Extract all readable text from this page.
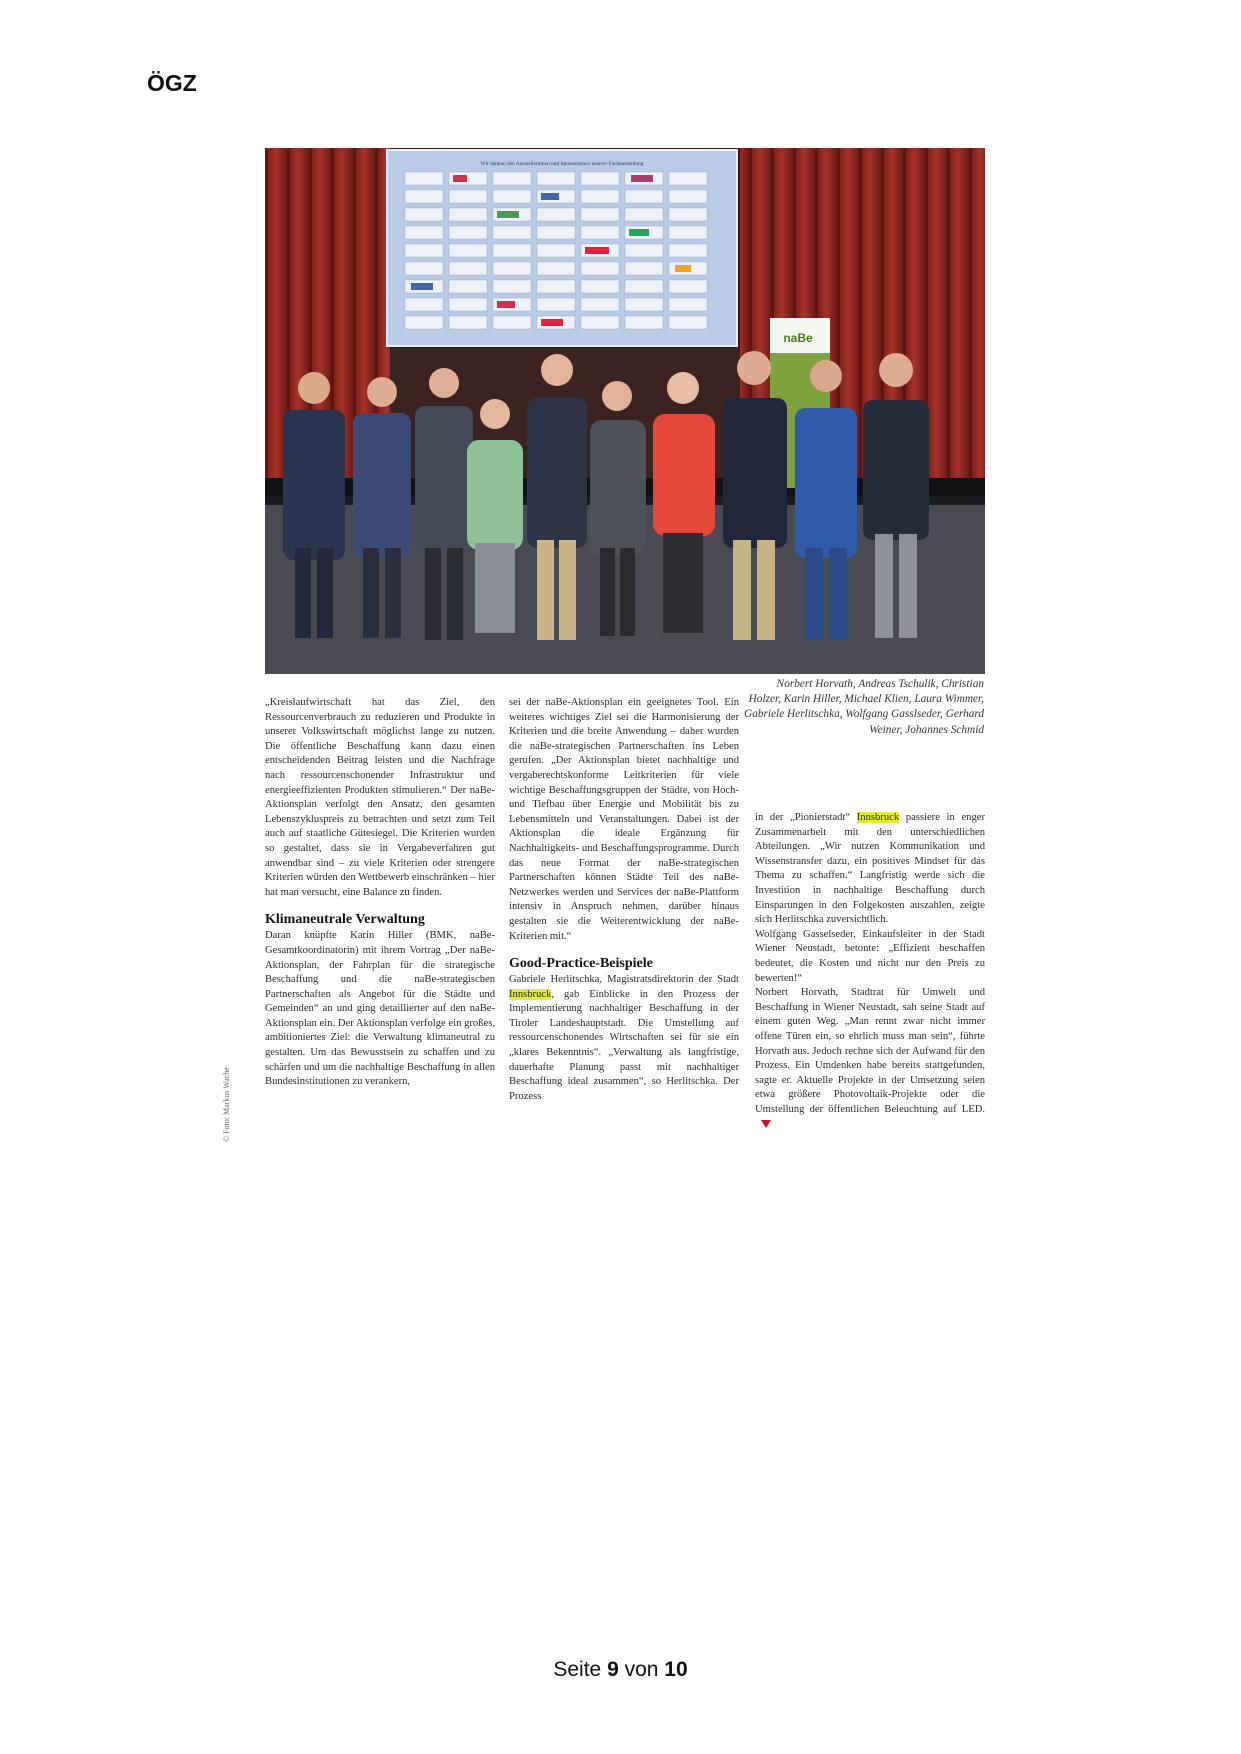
ÖGZ
Wir danken den Ausstellerinnen und Sponsorinnen unserer Fachausstellung
naBe
© Foto: Markus Wache
Norbert Horvath, Andreas Tschulik, Christian Holzer, Karin Hiller, Michael Klien, Laura Wimmer, Gabriele Herlitschka, Wolfgang Gasslseder, Gerhard Weiner, Johannes Schmid

„Kreislaufwirtschaft hat das Ziel, den Ressourcenverbrauch zu reduzieren und Produkte in unserer Volkswirtschaft möglichst lange zu nutzen. Die öffentliche Beschaffung kann dazu einen entscheidenden Beitrag leisten und die Nachfrage nach ressourcenschonender Infrastruktur und energieeffizienten Produkten stimulieren.“ Der naBe-Aktionsplan verfolgt den Ansatz, den gesamten Lebenszykluspreis zu betrachten und setzt zum Teil auch auf staatliche Gütesiegel. Die Kriterien wurden so gestaltet, dass sie in Vergabeverfahren gut anwendbar sind – zu viele Kriterien oder strengere Kriterien würden den Wettbewerb einschränken – hier hat man versucht, eine Balance zu finden.

Klimaneutrale Verwaltung

Daran knüpfte Karin Hiller (BMK, naBe-Gesamtkoordinatorin) mit ihrem Vortrag „Der naBe-Aktionsplan, der Fahrplan für die strategische Beschaffung und die naBe-strategischen Partnerschaften als Angebot für die Städte und Gemeinden“ an und ging detaillierter auf den naBe-Aktionsplan ein. Der Aktionsplan verfolge ein großes, ambitioniertes Ziel: die Verwaltung klimaneutral zu gestalten. Um das Bewusstsein zu schaffen und zu schärfen und um die nachhaltige Beschaffung in allen Bundesinstitutionen zu verankern,

sei der naBe-Aktionsplan ein geeignetes Tool. Ein weiteres wichtiges Ziel sei die Harmonisierung der Kriterien und die breite Anwendung – daher wurden die naBe-strategischen Partnerschaften ins Leben gerufen. „Der Aktionsplan bietet nachhaltige und vergaberechtskonforme Leitkriterien für viele wichtige Beschaffungsgruppen der Städte, von Hoch- und Tiefbau über Energie und Mobilität bis zu Lebensmitteln und Veranstaltungen. Dabei ist der Aktionsplan die ideale Ergänzung für Nachhaltigkeits- und Beschaffungsprogramme. Durch das neue Format der naBe-strategischen Partnerschaften können Städte Teil des naBe-Netzwerkes werden und Services der naBe-Plattform intensiv in Anspruch nehmen, darüber hinaus gestalten sie die Weiterentwicklung der naBe-Kriterien mit.“

Good-Practice-Beispiele

Gabriele Herlitschka, Magistratsdirektorin der Stadt Innsbruck, gab Einblicke in den Prozess der Implementierung nachhaltiger Beschaffung in der Tiroler Landeshauptstadt. Die Umstellung auf ressourcenschonendes Wirtschaften sei für sie ein „klares Bekenntnis“. „Verwaltung als langfristige, dauerhafte Planung passt mit nachhaltiger Beschaffung ideal zusammen“, so Herlitschka. Der Prozess

in der „Pionierstadt“ Innsbruck passiere in enger Zusammenarbeit mit den unterschiedlichen Abteilungen. „Wir nutzen Kommunikation und Wissenstransfer dazu, ein positives Mindset für das Thema zu schaffen.“ Langfristig werde sich die Investition in nachhaltige Beschaffung durch Einsparungen in den Folgekosten auszahlen, zeigte sich Herlitschka zuversichtlich.

Wolfgang Gasselseder, Einkaufsleiter in der Stadt Wiener Neustadt, betonte: „Effizient beschaffen bedeutet, die Kosten und nicht nur den Preis zu bewerten!“

Norbert Horvath, Stadtrat für Umwelt und Beschaffung in Wiener Neustadt, sah seine Stadt auf einem guten Weg. „Man rennt zwar nicht immer offene Türen ein, so ehrlich muss man sein“, führte Horvath aus. Jedoch rechne sich der Aufwand für den Prozess. Ein Umdenken habe bereits stattgefunden, sagte er. Aktuelle Projekte in der Umsetzung seien etwa größere Photovoltaik-Projekte oder die Umstellung der öffentlichen Beleuchtung auf LED.

Seite 9 von 10
